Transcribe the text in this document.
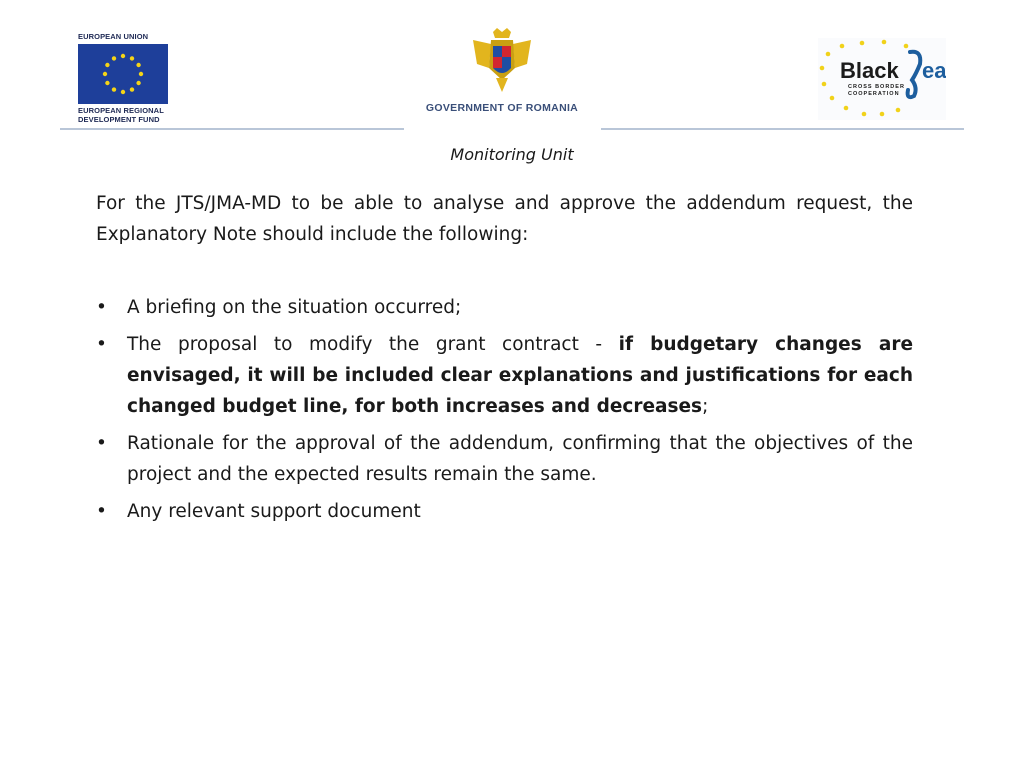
EUROPEAN UNION
EUROPEAN REGIONAL
DEVELOPMENT FUND
GOVERNMENT OF ROMANIA
Black ea
CROSS BORDER
COOPERATION
Monitoring Unit

For the JTS/JMA-MD to be able to analyse and approve the addendum request, the Explanatory Note should include the following:

• A briefing on the situation occurred;
• The proposal to modify the grant contract - if budgetary changes are envisaged, it will be included clear explanations and justifications for each changed budget line, for both increases and decreases;
• Rationale for the approval of the addendum, confirming that the objectives of the project and the expected results remain the same.
• Any relevant support document
